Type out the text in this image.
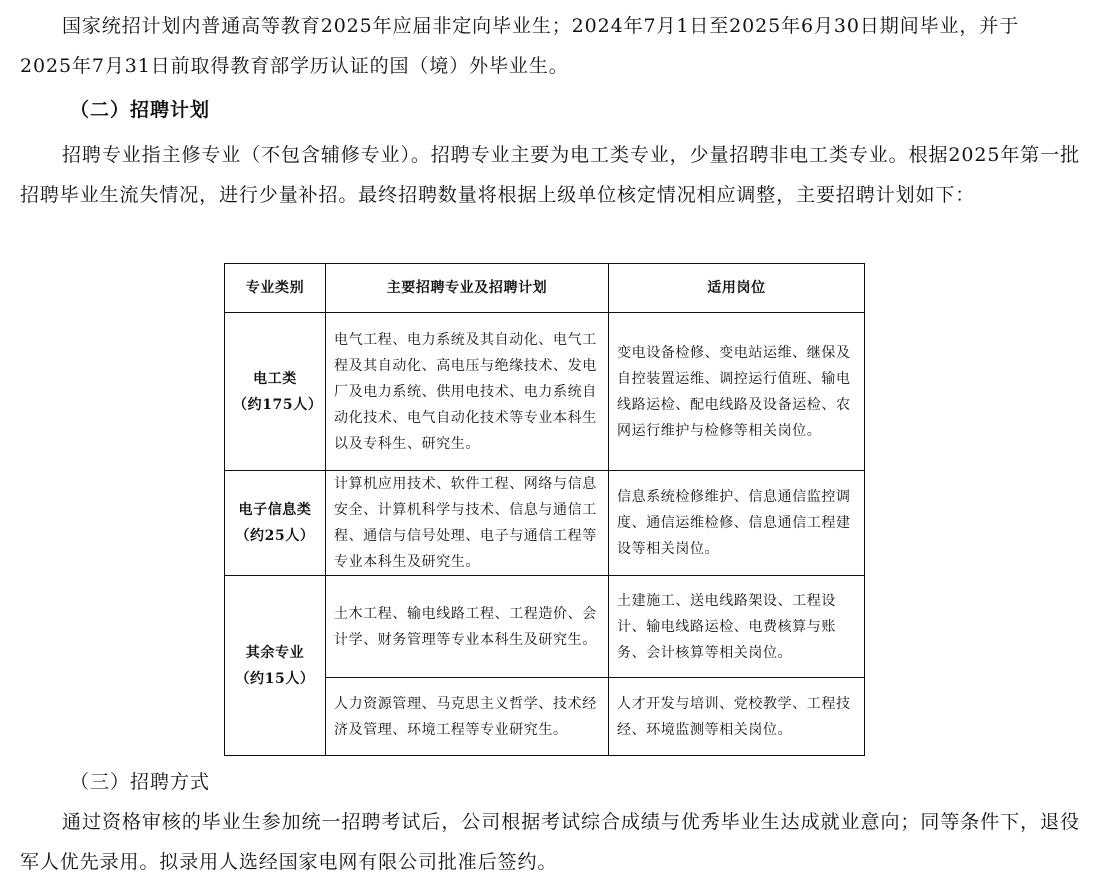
国家统招计划内普通高等教育2025年应届非定向毕业生；2024年7月1日至2025年6月30日期间毕业，并于
2025年7月31日前取得教育部学历认证的国（境）外毕业生。

（二）招聘计划

招聘专业指主修专业（不包含辅修专业）。招聘专业主要为电工类专业，少量招聘非电工类专业。根据2025年第一批招聘毕业生流失情况，进行少量补招。最终招聘数量将根据上级单位核定情况相应调整，主要招聘计划如下：

专业类别	主要招聘专业及招聘计划	适用岗位
电工类
（约175人）	电气工程、电力系统及其自动化、电气工程及其自动化、高电压与绝缘技术、发电厂及电力系统、供用电技术、电力系统自动化技术、电气自动化技术等专业本科生以及专科生、研究生。	变电设备检修、变电站运维、继保及自控装置运维、调控运行值班、输电线路运检、配电线路及设备运检、农网运行维护与检修等相关岗位。
电子信息类
（约25人）	计算机应用技术、软件工程、网络与信息安全、计算机科学与技术、信息与通信工程、通信与信号处理、电子与通信工程等专业本科生及研究生。	信息系统检修维护、信息通信监控调度、通信运维检修、信息通信工程建设等相关岗位。
其余专业
（约15人）	土木工程、输电线路工程、工程造价、会计学、财务管理等专业本科生及研究生。	土建施工、送电线路架设、工程设计、输电线路运检、电费核算与账务、会计核算等相关岗位。
	人力资源管理、马克思主义哲学、技术经济及管理、环境工程等专业研究生。	人才开发与培训、党校教学、工程技经、环境监测等相关岗位。

（三）招聘方式

通过资格审核的毕业生参加统一招聘考试后，公司根据考试综合成绩与优秀毕业生达成就业意向；同等条件下，退役军人优先录用。拟录用人选经国家电网有限公司批准后签约。
